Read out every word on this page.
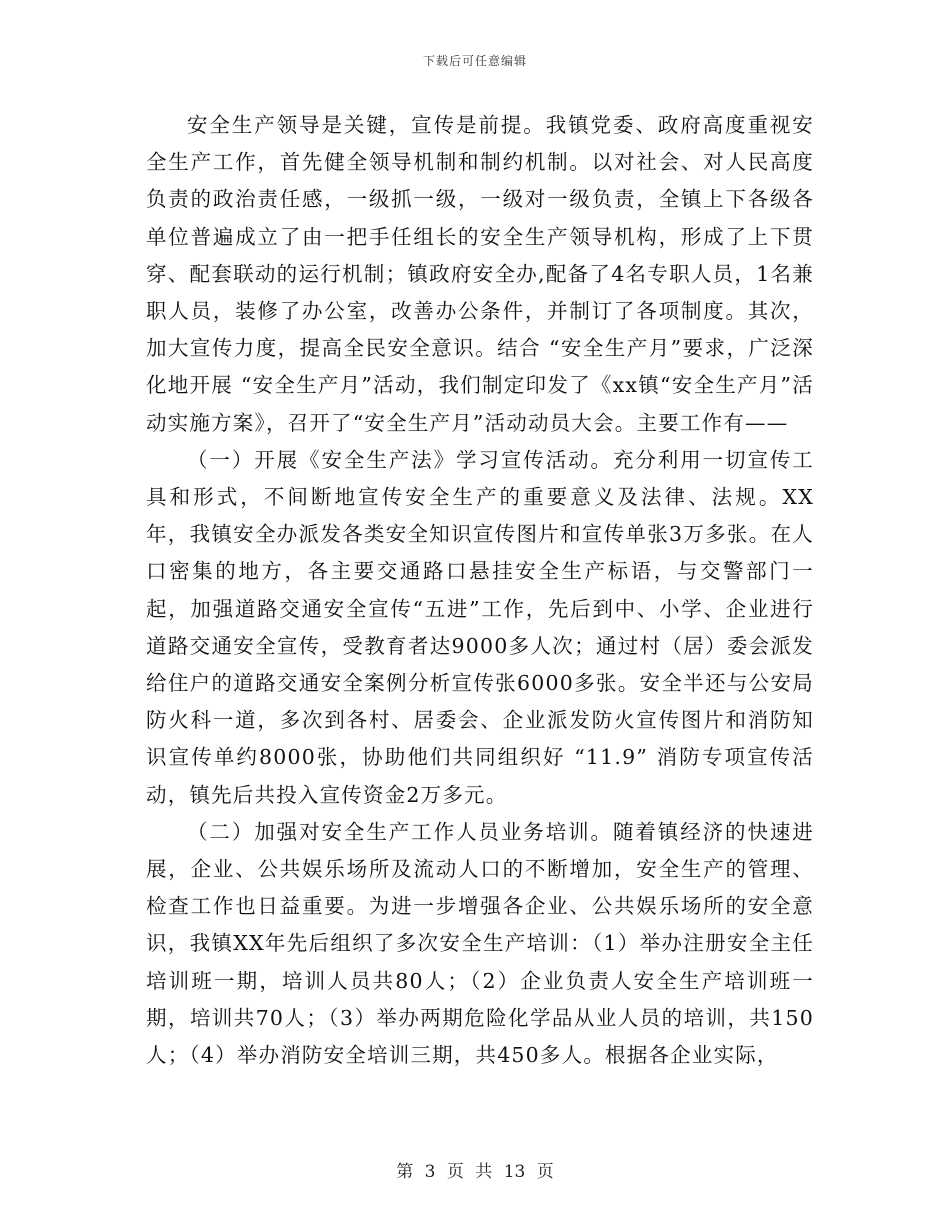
下载后可任意编辑

安全生产领导是关键，宣传是前提。我镇党委、政府高度重视安全生产工作，首先健全领导机制和制约机制。以对社会、对人民高度负责的政治责任感，一级抓一级，一级对一级负责，全镇上下各级各单位普遍成立了由一把手任组长的安全生产领导机构，形成了上下贯穿、配套联动的运行机制；镇政府安全办,配备了4名专职人员，1名兼职人员，装修了办公室，改善办公条件，并制订了各项制度。其次，加大宣传力度，提高全民安全意识。结合 “安全生产月”要求，广泛深化地开展 “安全生产月”活动，我们制定印发了《xx镇“安全生产月”活动实施方案》，召开了“安全生产月”活动动员大会。主要工作有——

（一）开展《安全生产法》学习宣传活动。充分利用一切宣传工具和形式，不间断地宣传安全生产的重要意义及法律、法规。XX 年，我镇安全办派发各类安全知识宣传图片和宣传单张3万多张。在人口密集的地方，各主要交通路口悬挂安全生产标语，与交警部门一起，加强道路交通安全宣传“五进”工作，先后到中、小学、企业进行道路交通安全宣传，受教育者达9000多人次；通过村（居）委会派发给住户的道路交通安全案例分析宣传张6000多张。安全半还与公安局防火科一道，多次到各村、居委会、企业派发防火宣传图片和消防知识宣传单约8000张，协助他们共同组织好 “11.9” 消防专项宣传活动，镇先后共投入宣传资金2万多元。

（二）加强对安全生产工作人员业务培训。随着镇经济的快速进展，企业、公共娱乐场所及流动人口的不断增加，安全生产的管理、检查工作也日益重要。为进一步增强各企业、公共娱乐场所的安全意识，我镇XX年先后组织了多次安全生产培训：（1）举办注册安全主任培训班一期，培训人员共80人；（2）企业负责人安全生产培训班一期，培训共70人；（3）举办两期危险化学品从业人员的培训，共150人；（4）举办消防安全培训三期，共450多人。根据各企业实际，

第 3 页 共 13 页
